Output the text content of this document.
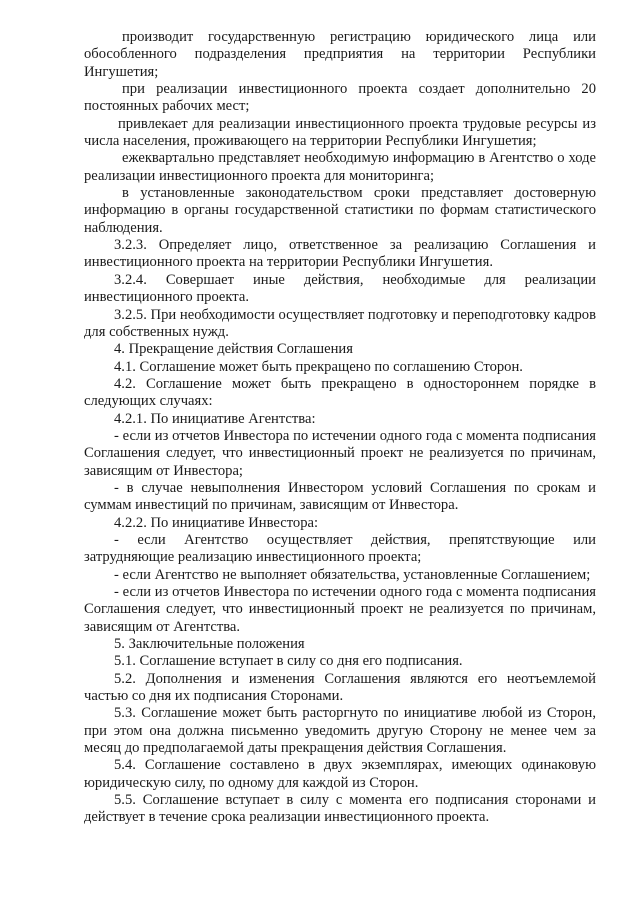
производит государственную регистрацию юридического лица или обособленного подразделения предприятия на территории Республики Ингушетия;

при реализации инвестиционного проекта создает дополнительно 20 постоянных рабочих мест;

привлекает для реализации инвестиционного проекта трудовые ресурсы из числа населения, проживающего на территории Республики Ингушетия;

ежеквартально представляет необходимую информацию в Агентство о ходе реализации инвестиционного проекта для мониторинга;

в установленные законодательством сроки представляет достоверную информацию в органы государственной статистики по формам статистического наблюдения.

3.2.3. Определяет лицо, ответственное за реализацию Соглашения и инвестиционного проекта на территории Республики Ингушетия.

3.2.4. Совершает иные действия, необходимые для реализации инвестиционного проекта.

3.2.5. При необходимости осуществляет подготовку и переподготовку кадров для собственных нужд.

4. Прекращение действия Соглашения

4.1. Соглашение может быть прекращено по соглашению Сторон.

4.2. Соглашение может быть прекращено в одностороннем порядке в следующих случаях:

4.2.1. По инициативе Агентства:

- если из отчетов Инвестора по истечении одного года с момента подписания Соглашения следует, что инвестиционный проект не реализуется по причинам, зависящим от Инвестора;

- в случае невыполнения Инвестором условий Соглашения по срокам и суммам инвестиций по причинам, зависящим от Инвестора.

4.2.2. По инициативе Инвестора:

- если Агентство осуществляет действия, препятствующие или затрудняющие реализацию инвестиционного проекта;

- если Агентство не выполняет обязательства, установленные Соглашением;

- если из отчетов Инвестора по истечении одного года с момента подписания Соглашения следует, что инвестиционный проект не реализуется по причинам, зависящим от Агентства.

5. Заключительные положения

5.1. Соглашение вступает в силу со дня его подписания.

5.2. Дополнения и изменения Соглашения являются его неотъемлемой частью со дня их подписания Сторонами.

5.3. Соглашение может быть расторгнуто по инициативе любой из Сторон, при этом она должна письменно уведомить другую Сторону не менее чем за месяц до предполагаемой даты прекращения действия Соглашения.

5.4. Соглашение составлено в двух экземплярах, имеющих одинаковую юридическую силу, по одному для каждой из Сторон.

5.5. Соглашение вступает в силу с момента его подписания сторонами и действует в течение срока реализации инвестиционного проекта.
